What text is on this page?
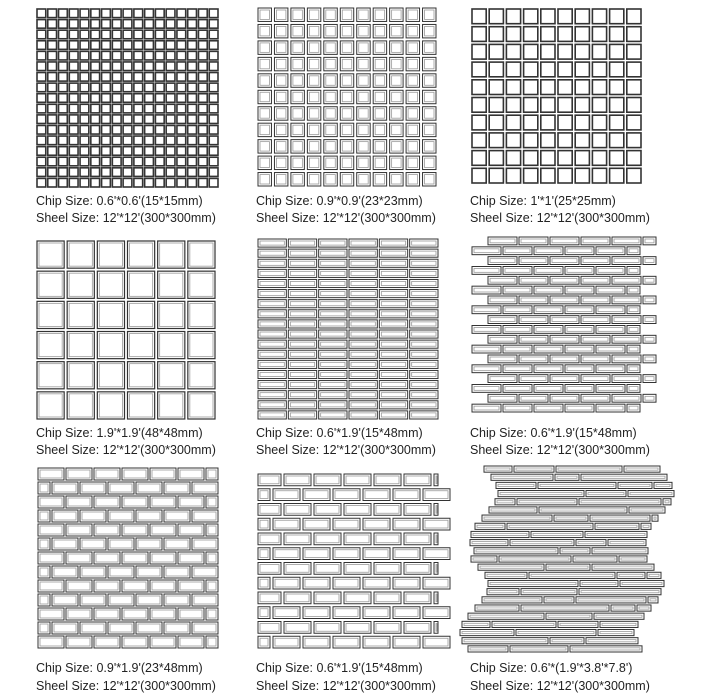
Chip Size: 0.6'*0.6'(15*15mm)
Sheel Size: 12'*12'(300*300mm)
Chip Size: 0.9'*0.9'(23*23mm)
Sheel Size: 12'*12'(300*300mm)
Chip Size: 1'*1'(25*25mm)
Sheel Size: 12'*12'(300*300mm)
Chip Size: 1.9'*1.9'(48*48mm)
Sheel Size: 12'*12'(300*300mm)
Chip Size: 0.6'*1.9'(15*48mm)
Sheel Size: 12'*12'(300*300mm)
Chip Size: 0.6'*1.9'(15*48mm)
Sheel Size: 12'*12'(300*300mm)
Chip Size: 0.9'*1.9'(23*48mm)
Sheel Size: 12'*12'(300*300mm)
Chip Size: 0.6'*1.9'(15*48mm)
Sheel Size: 12'*12'(300*300mm)
Chip Size: 0.6'*(1.9'*3.8'*7.8')
Sheel Size: 12'*12'(300*300mm)
